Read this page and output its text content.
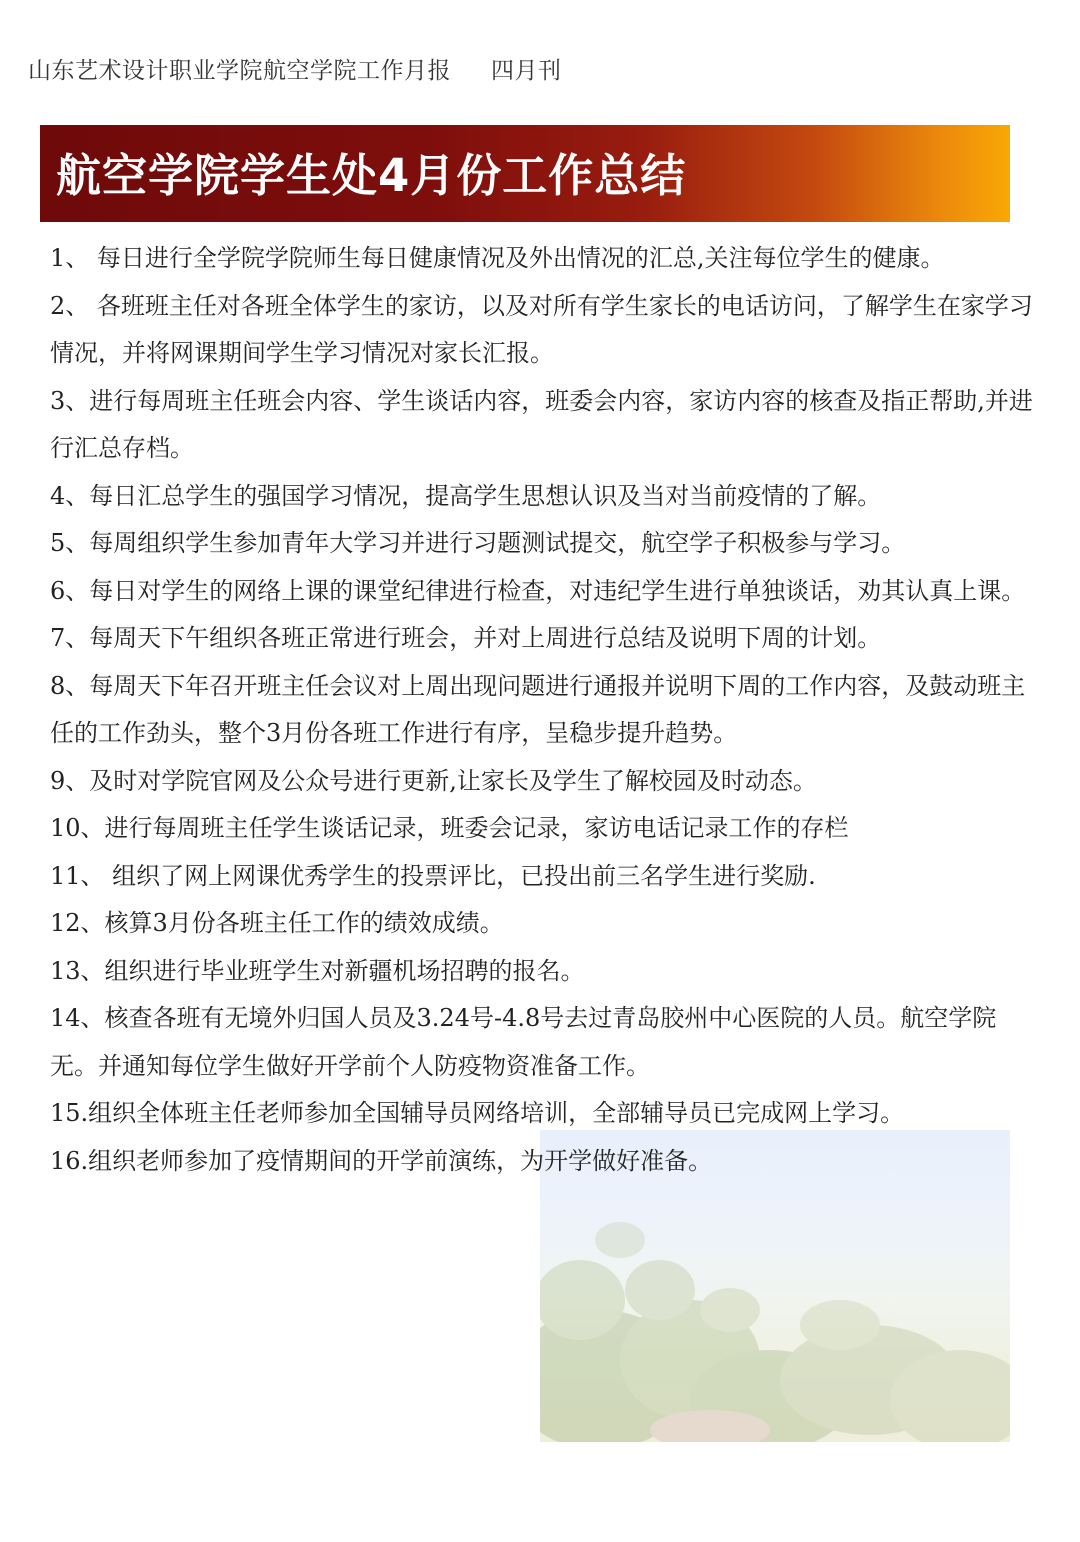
山东艺术设计职业学院航空学院工作月报 四月刊
航空学院学生处4月份工作总结

1、 每日进行全学院学院师生每日健康情况及外出情况的汇总,关注每位学生的健康。

2、 各班班主任对各班全体学生的家访，以及对所有学生家长的电话访问，了解学生在家学习情况，并将网课期间学生学习情况对家长汇报。

3、进行每周班主任班会内容、学生谈话内容，班委会内容，家访内容的核查及指正帮助,并进行汇总存档。

4、每日汇总学生的强国学习情况，提高学生思想认识及当对当前疫情的了解。

5、每周组织学生参加青年大学习并进行习题测试提交，航空学子积极参与学习。

6、每日对学生的网络上课的课堂纪律进行检查，对违纪学生进行单独谈话，劝其认真上课。

7、每周天下午组织各班正常进行班会，并对上周进行总结及说明下周的计划。

8、每周天下年召开班主任会议对上周出现问题进行通报并说明下周的工作内容，及鼓动班主任的工作劲头，整个3月份各班工作进行有序，呈稳步提升趋势。

9、及时对学院官网及公众号进行更新,让家长及学生了解校园及时动态。

10、进行每周班主任学生谈话记录，班委会记录，家访电话记录工作的存栏

11、 组织了网上网课优秀学生的投票评比，已投出前三名学生进行奖励.

12、核算3月份各班主任工作的绩效成绩。

13、组织进行毕业班学生对新疆机场招聘的报名。

14、核查各班有无境外归国人员及3.24号-4.8号去过青岛胶州中心医院的人员。航空学院无。并通知每位学生做好开学前个人防疫物资准备工作。

15.组织全体班主任老师参加全国辅导员网络培训，全部辅导员已完成网上学习。

16.组织老师参加了疫情期间的开学前演练，为开学做好准备。
